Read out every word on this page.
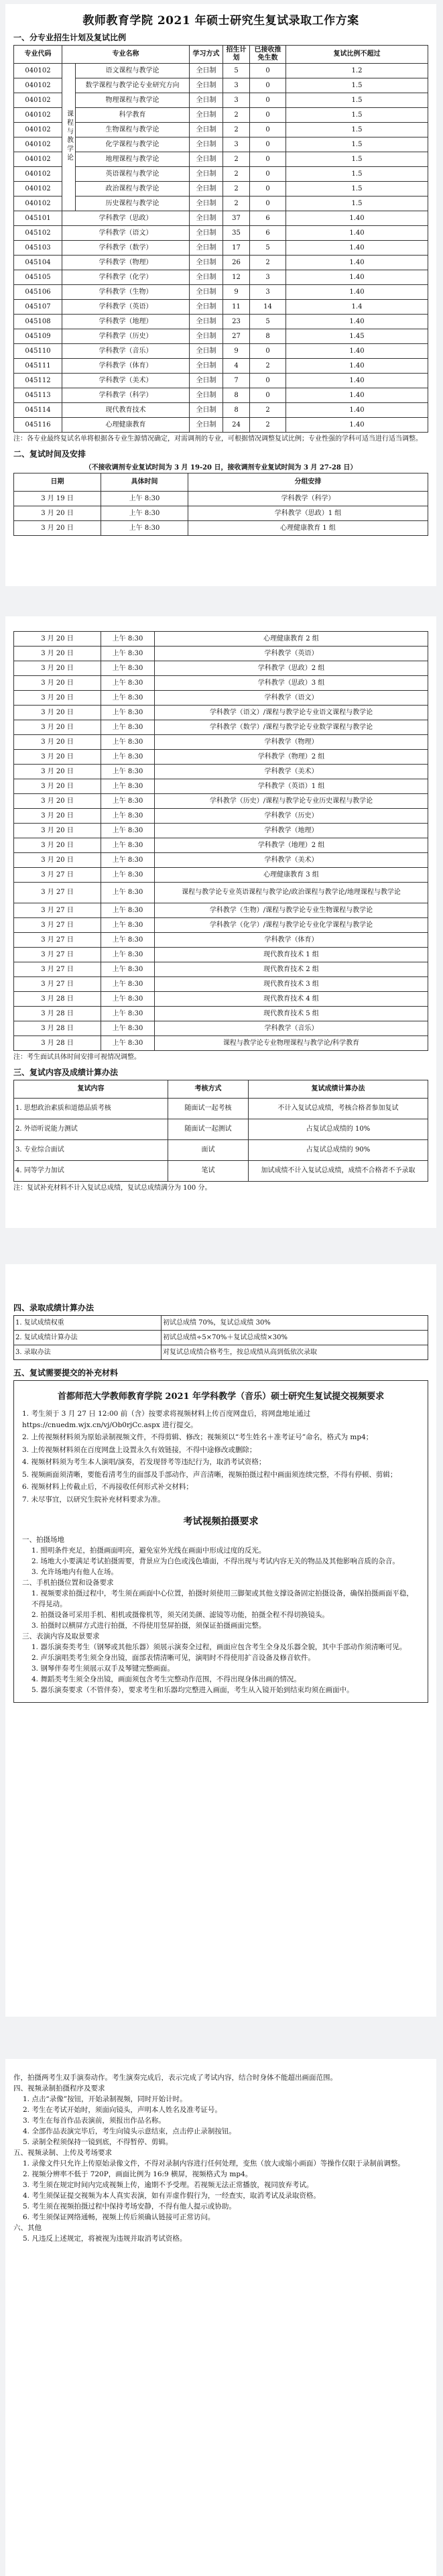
教师教育学院 2021 年硕士研究生复试录取工作方案
一、分专业招生计划及复试比例
专业代码	专业名称		学习方式	招生计划	已接收推免生数	复试比例不超过
040102	课程与教学论	语文课程与教学论	全日制	5	0	1.2
040102		数学课程与教学论专业研究方向	全日制	3	0	1.5
040102		物理课程与教学论	全日制	3	0	1.5
040102		科学教育	全日制	2	0	1.5
040102		生物课程与教学论	全日制	2	0	1.5
040102		化学课程与教学论	全日制	3	0	1.5
040102		地理课程与教学论	全日制	2	0	1.5
040102		英语课程与教学论	全日制	2	0	1.5
040102		政治课程与教学论	全日制	2	0	1.5
040102		历史课程与教学论	全日制	2	0	1.5
045101	学科教学（思政）		全日制	37	6	1.40
045102	学科教学（语文）		全日制	35	6	1.40
045103	学科教学（数学）		全日制	17	5	1.40
045104	学科教学（物理）		全日制	26	2	1.40
045105	学科教学（化学）		全日制	12	3	1.40
045106	学科教学（生物）		全日制	9	3	1.40
045107	学科教学（英语）		全日制	11	14	1.4
045108	学科教学（地理）		全日制	23	5	1.40
045109	学科教学（历史）		全日制	27	8	1.45
045110	学科教学（音乐）		全日制	9	0	1.40
045111	学科教学（体育）		全日制	4	2	1.40
045112	学科教学（美术）		全日制	7	0	1.40
045113	学科教学（科学）		全日制	8	0	1.40
045114	现代教育技术		全日制	8	2	1.40
045116	心理健康教育		全日制	24	2	1.40
注：各专业最终复试名单将根据各专业生源情况确定，对需调剂的专业，可根据情况调整复试比例；专业性强的学科可适当进行适当调整。
二、复试时间及安排
（不接收调剂专业复试时间为 3 月 19-20 日，接收调剂专业复试时间为 3 月 27-28 日）
日期	具体时间	分组安排
3 月 19 日	上午 8:30	学科教学（科学）
3 月 20 日	上午 8:30	学科教学（思政）1 组
3 月 20 日	上午 8:30	心理健康教育 1 组
3 月 20 日	上午 8:30	心理健康教育 2 组
3 月 20 日	上午 8:30	学科教学（英语）
3 月 20 日	上午 8:30	学科教学（思政）2 组
3 月 20 日	上午 8:30	学科教学（思政）3 组
3 月 20 日	上午 8:30	学科教学（语文）
3 月 20 日	上午 8:30	学科教学（语文）/课程与教学论专业语文课程与教学论
3 月 20 日	上午 8:30	学科教学（数学）/课程与教学论专业数学课程与教学论
3 月 20 日	上午 8:30	学科教学（物理）
3 月 20 日	上午 8:30	学科教学（物理）2 组
3 月 20 日	上午 8:30	学科教学（美术）
3 月 20 日	上午 8:30	学科教学（英语）1 组
3 月 20 日	上午 8:30	学科教学（历史）/课程与教学论专业历史课程与教学论
3 月 20 日	上午 8:30	学科教学（历史）
3 月 20 日	上午 8:30	学科教学（地理）
3 月 20 日	上午 8:30	学科教学（地理）2 组
3 月 20 日	上午 8:30	学科教学（美术）
3 月 27 日	上午 8:30	心理健康教育 3 组
3 月 27 日	上午 8:30	课程与教学论专业英语课程与教学论/政治课程与教学论/地理课程与教学论
3 月 27 日	上午 8:30	学科教学（生物）/课程与教学论专业生物课程与教学论
3 月 27 日	上午 8:30	学科教学（化学）/课程与教学论专业化学课程与教学论
3 月 27 日	上午 8:30	学科教学（体育）
3 月 27 日	上午 8:30	现代教育技术 1 组
3 月 27 日	上午 8:30	现代教育技术 2 组
3 月 27 日	上午 8:30	现代教育技术 3 组
3 月 28 日	上午 8:30	现代教育技术 4 组
3 月 28 日	上午 8:30	现代教育技术 5 组
3 月 28 日	上午 8:30	学科教学（音乐）
3 月 28 日	上午 8:30	课程与教学论专业物理课程与教学论/科学教育
注：考生面试具体时间安排可视情况调整。
三、复试内容及成绩计算办法
复试内容	考核方式	复试成绩计算办法
1. 思想政治素质和道德品质考核	随面试一起考核	不计入复试总成绩，考核合格者参加复试
2. 外语听说能力测试	随面试一起测试	占复试总成绩的 10%
3. 专业综合面试	面试	占复试总成绩的 90%
4. 同等学力加试	笔试	加试成绩不计入复试总成绩，成绩不合格者不予录取
注：复试补充材料不计入复试总成绩，复试总成绩满分为 100 分。
四、录取成绩计算办法
1. 复试成绩权重	初试总成绩 70%，复试总成绩 30%
2. 复试成绩计算办法	初试总成绩÷5×70%＋复试总成绩×30%
3. 录取办法	对复试总成绩合格考生，按总成绩从高到低依次录取
五、复试需要提交的补充材料
首都师范大学教师教育学院 2021 年学科教学（音乐）硕士研究生复试提交视频要求
1. 考生须于 3 月 27 日 12:00 前（含）按要求将视频材料上传百度网盘后，将网盘地址通过 https://cnuedm.wjx.cn/vj/Ob0rjCc.aspx 进行提交。
2. 上传视频材料须为原始录制视频文件，不得剪辑、修改；视频须以“考生姓名＋准考证号”命名，格式为 mp4；
3. 上传视频材料须在百度网盘上设置永久有效链接，不得中途修改或删除；
4. 视频材料须为考生本人演唱/演奏，若发现替考等违纪行为，取消考试资格；
5. 视频画面须清晰，要能看清考生的面部及手部动作，声音清晰，视频拍摄过程中画面须连续完整，不得有停顿、剪辑；
6. 视频材料上传截止后，不再接收任何形式补交材料；
7. 未尽事宜，以研究生院补充材料要求为准。
考试视频拍摄要求
一、拍摄场地
1. 照明条件充足，拍摄画面明亮，避免室外光线在画面中形成过度的反光。
2. 场地大小要满足考试拍摄需要，背景应为白色或浅色墙面，不得出现与考试内容无关的物品及其他影响音质的杂音。
3. 允许场地内有他人在场。
二、手机拍摄位置和设备要求
1. 视频要求拍摄过程中，考生须在画面中心位置，拍摄时须使用三脚架或其他支撑设备固定拍摄设备，确保拍摄画面平稳，不得晃动。
2. 拍摄设备可采用手机、相机或摄像机等，须关闭美颜、滤镜等功能，拍摄全程不得切换镜头。
3. 拍摄时以横屏方式进行拍摄，不得使用竖屏拍摄，须保证拍摄画面完整。
三、表演内容及取景要求
1. 器乐演奏类考生（钢琴或其他乐器）须展示演奏全过程，画面应包含考生全身及乐器全貌，其中手部动作须清晰可见。
2. 声乐演唱类考生须全身出镜，面部表情清晰可见，演唱时不得使用扩音设备及修音软件。
3. 钢琴伴奏考生须展示双手及琴键完整画面。
4. 舞蹈类考生须全身出镜，画面须包含考生完整动作范围，不得出现身体出画的情况。
5. 器乐演奏要求（不管伴奏），要求考生和乐器均完整进入画面，考生从入镜开始到结束均须在画面中。
作，拍摄两考生双手演奏动作。考生演奏完成后，表示完成了考试内容，结合时身体不能超出画面范围。
四、视频录制拍摄程序及要求
1. 点击“录像”按钮，开始录制视频，同时开始计时。
2. 考生在考试开始时，须面向镜头，声明本人姓名及准考证号。
3. 考生在每首作品表演前，须报出作品名称。
4. 全部作品表演完毕后，考生向镜头示意结束，点击停止录制按钮。
5. 录制全程须保持一镜到底，不得暂停、剪辑。
五、视频录制、上传及考场要求
1. 录像文件只允许上传原始录像文件，不得对录制内容进行任何处理，变焦（放大或缩小画面）等操作仅限于录制前调整。
2. 视频分辨率不低于 720P，画面比例为 16:9 横屏，视频格式为 mp4。
3. 考生须在规定时间内完成视频上传，逾期不予受理。若视频无法正常播放，视同放弃考试。
4. 考生须保证提交视频为本人真实表演，如有弄虚作假行为，一经查实，取消考试及录取资格。
5. 考生须在视频拍摄过程中保持考场安静，不得有他人提示或协助。
6. 考生须保证网络通畅，视频上传后须确认链接可正常访问。
六、其他
5. 凡违反上述规定，将被视为违规并取消考试资格。
